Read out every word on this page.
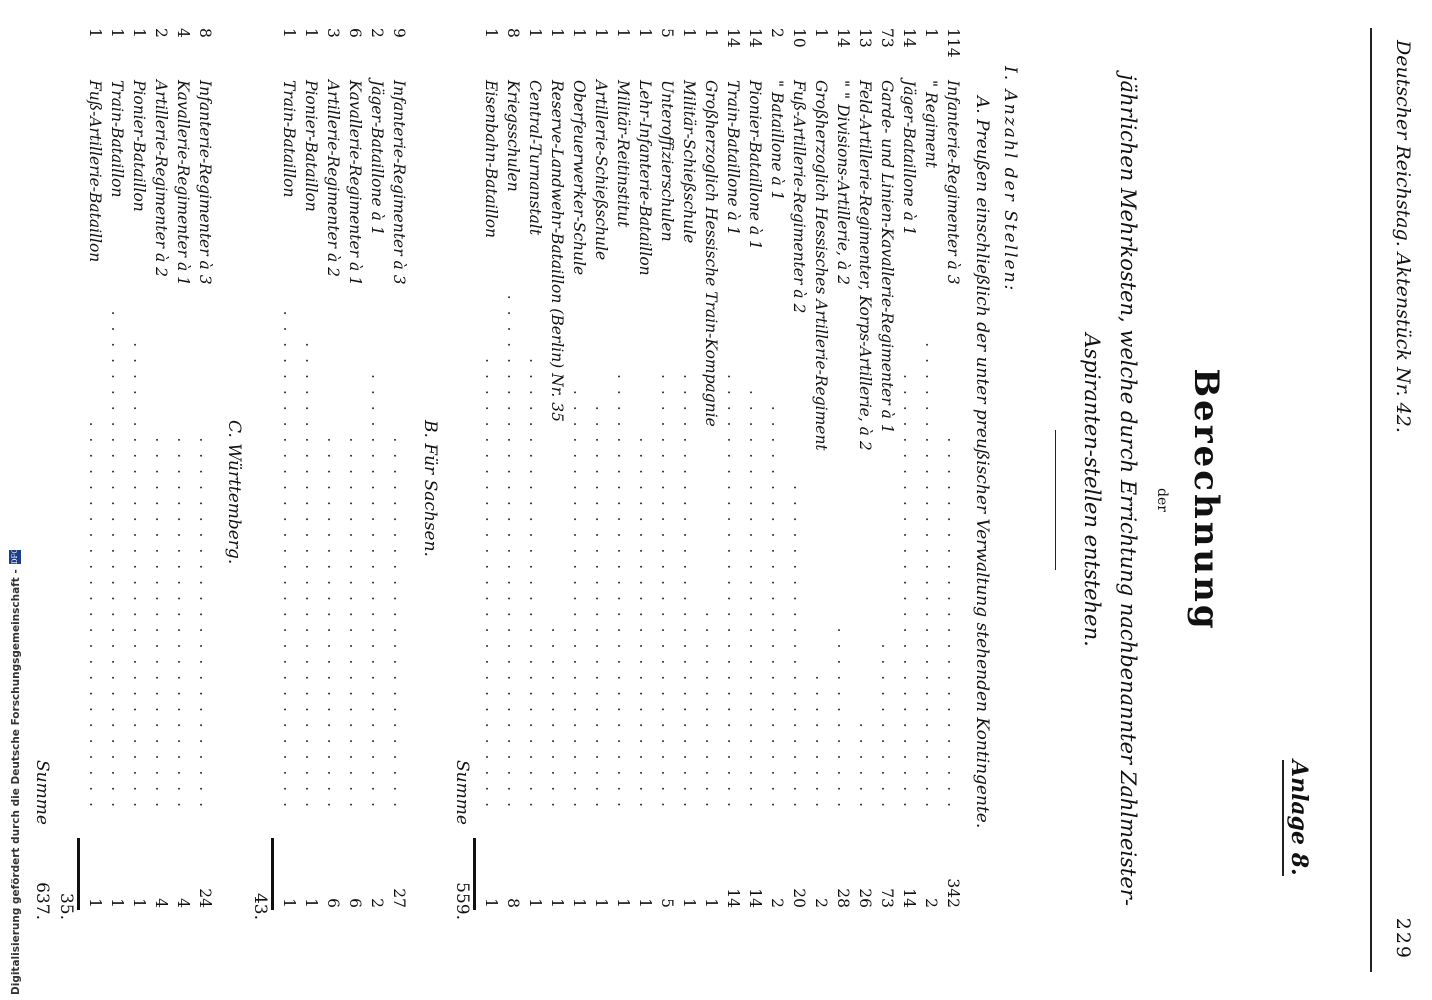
Deutscher Reichstag. Aktenstück Nr. 42.
229
Anlage 8.
Berechnung
der
jährlichen Mehrkosten, welche durch Errichtung nachbenannter Zahlmeister-Aspiranten-stellen entstehen.
I. Anzahl der Stellen:
A. Preußen einschließlich der unter preußischer Verwaltung stehenden Kontingente.
114
Infanterie-Regimenter à 3
. . . . . . . . . . . . . . . . . . . . . . . .
342
1
" Regiment
. . . . . . . . . . . . . . . . . . . . . . . . . . . . . .
2
14
Jäger-Bataillone à 1
. . . . . . . . . . . . . . . . . . . . . . . . . . . .
14
73
Garde- und Linien-Kavallerie-Regimenter à 1
. . . . . . . . . . .
73
13
Feld-Artillerie-Regimenter, Korps-Artillerie, à 2
. . . . . .
26
14
" " Divisions-Artillerie, à 2
. . . . . . . . . . . .
28
1
Großherzoglich Hessisches Artillerie-Regiment
. . . . . . . . .
2
10
Fuß-Artillerie-Regimenter à 2
. . . . . . . . . . . . . . . . . . . . .
20
2
" Bataillone à 1
. . . . . . . . . . . . . . . . . . . . . . . . . .
2
14
Pionier-Bataillone à 1
. . . . . . . . . . . . . . . . . . . . . . . . . . .
14
14
Train-Bataillone à 1
. . . . . . . . . . . . . . . . . . . . . . . . . . . .
14
1
Großherzoglich Hessische Train-Kompagnie
. . . . . . . . . . . . .
1
1
Militär-Schießschule
. . . . . . . . . . . . . . . . . . . . . . . . . . . .
1
5
Unteroffizierschulen
. . . . . . . . . . . . . . . . . . . . . . . . . . . .
5
1
Lehr-Infanterie-Bataillon
. . . . . . . . . . . . . . . . . . . . . . . .
1
1
Militär-Reitinstitut
. . . . . . . . . . . . . . . . . . . . . . . . . . . .
1
1
Artillerie-Schießschule
. . . . . . . . . . . . . . . . . . . . . . . . . .
1
1
Oberfeuerwerker-Schule
. . . . . . . . . . . . . . . . . . . . . . . . . . .
1
1
Reserve-Landwehr-Bataillon (Berlin) Nr. 35
. . . . . . . . . . . .
1
1
Central-Turnanstalt
. . . . . . . . . . . . . . . . . . . . . . . . . . . . .
1
8
Kriegsschulen
. . . . . . . . . . . . . . . . . . . . . . . . . . . . . . . . .
8
1
Eisenbahn-Bataillon
. . . . . . . . . . . . . . . . . . . . . . . . . . . . .
1
Summe
559.
B. Für Sachsen.
9
Infanterie-Regimenter à 3
. . . . . . . . . . . . . . . . . . . . . . . .
27
2
Jäger-Bataillone à 1
. . . . . . . . . . . . . . . . . . . . . . . . . . . .
2
6
Kavallerie-Regimenter à 1
. . . . . . . . . . . . . . . . . . . . . . . .
6
3
Artillerie-Regimenter à 2
. . . . . . . . . . . . . . . . . . . . . . . .
6
1
Pionier-Bataillon
. . . . . . . . . . . . . . . . . . . . . . . . . . . . . .
1
1
Train-Bataillon
. . . . . . . . . . . . . . . . . . . . . . . . . . . . . . . .
1
43.
C. Württemberg.
8
Infanterie-Regimenter à 3
. . . . . . . . . . . . . . . . . . . . . . . .
24
4
Kavallerie-Regimenter à 1
. . . . . . . . . . . . . . . . . . . . . . . .
4
2
Artillerie-Regimenter à 2
. . . . . . . . . . . . . . . . . . . . . . . .
4
1
Pionier-Bataillon
. . . . . . . . . . . . . . . . . . . . . . . . . . . . . .
1
1
Train-Bataillon
. . . . . . . . . . . . . . . . . . . . . . . . . . . . . . . .
1
1
Fuß-Artillerie-Bataillon
. . . . . . . . . . . . . . . . . . . . . . . . .
1
35.
Summe
637.
Digitalisierung gefördert durch die Deutsche Forschungsgemeinschaft - DFG
